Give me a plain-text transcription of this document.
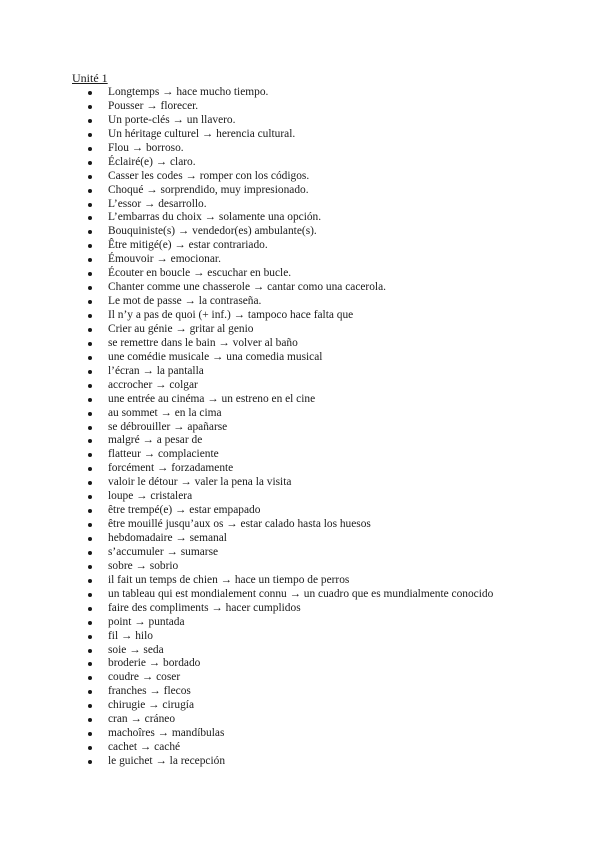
Unité 1
Longtemps → hace mucho tiempo.
Pousser → florecer.
Un porte-clés → un llavero.
Un héritage culturel → herencia cultural.
Flou → borroso.
Éclairé(e) → claro.
Casser les codes → romper con los códigos.
Choqué → sorprendido, muy impresionado.
L’essor → desarrollo.
L’embarras du choix → solamente una opción.
Bouquiniste(s) → vendedor(es) ambulante(s).
Être mitigé(e) → estar contrariado.
Émouvoir → emocionar.
Écouter en boucle → escuchar en bucle.
Chanter comme une chasserole → cantar como una cacerola.
Le mot de passe → la contraseña.
Il n’y a pas de quoi (+ inf.) → tampoco hace falta que
Crier au génie → gritar al genio
se remettre dans le bain → volver al baño
une comédie musicale → una comedia musical
l’écran → la pantalla
accrocher → colgar
une entrée au cinéma → un estreno en el cine
au sommet → en la cima
se débrouiller → apañarse
malgré → a pesar de
flatteur → complaciente
forcément → forzadamente
valoir le détour → valer la pena la visita
loupe → cristalera
être trempé(e) → estar empapado
être mouillé jusqu’aux os → estar calado hasta los huesos
hebdomadaire → semanal
s’accumuler → sumarse
sobre → sobrio
il fait un temps de chien → hace un tiempo de perros
un tableau qui est mondialement connu → un cuadro que es mundialmente conocido
faire des compliments → hacer cumplidos
point → puntada
fil → hilo
soie → seda
broderie → bordado
coudre → coser
franches → flecos
chirugie → cirugía
cran → cráneo
machoîres → mandíbulas
cachet → caché
le guichet → la recepción
